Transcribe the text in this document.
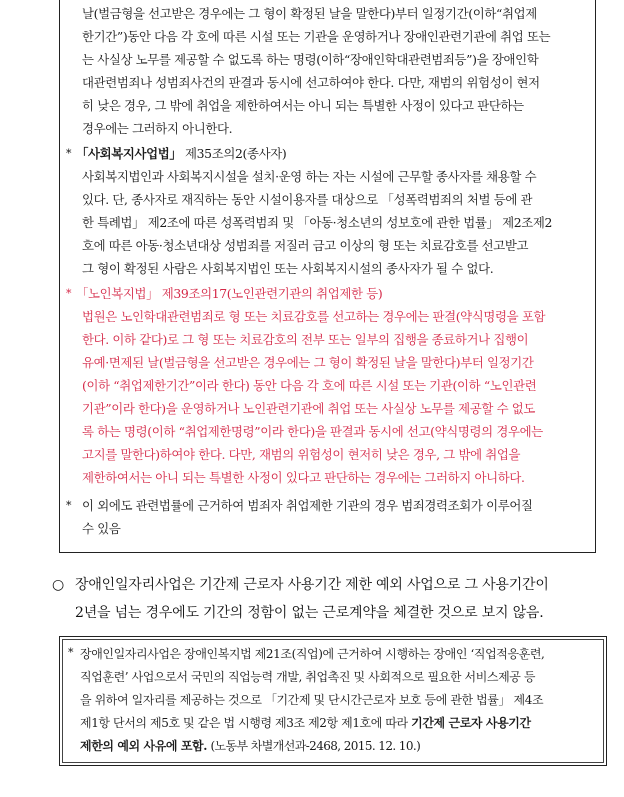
날(벌금형을 선고받은 경우에는 그 형이 확정된 날을 말한다)부터 일정기간(이하“취업제
한기간”)동안 다음 각 호에 따른 시설 또는 기관을 운영하거나 장애인관련기관에 취업 또는
는 사실상 노무를 제공할 수 없도록 하는 명령(이하“장애인학대관련범죄등”)을 장애인학
대관련범죄나 성범죄사건의 판결과 동시에 선고하여야 한다. 다만, 재범의 위험성이 현저
히 낮은 경우, 그 밖에 취업을 제한하여서는 아니 되는 특별한 사정이 있다고 판단하는
경우에는 그러하지 아니한다.
* 「사회복지사업법」 제35조의2(종사자)
사회복지법인과 사회복지시설을 설치·운영 하는 자는 시설에 근무할 종사자를 채용할 수
있다. 단, 종사자로 재직하는 동안 시설이용자를 대상으로 「성폭력범죄의 처벌 등에 관
한 특례법」 제2조에 따른 성폭력범죄 및 「아동·청소년의 성보호에 관한 법률」 제2조제2
호에 따른 아동·청소년대상 성범죄를 저질러 금고 이상의 형 또는 치료감호를 선고받고
그 형이 확정된 사람은 사회복지법인 또는 사회복지시설의 종사자가 될 수 없다.
* 「노인복지법」 제39조의17(노인관련기관의 취업제한 등)
법원은 노인학대관련범죄로 형 또는 치료감호를 선고하는 경우에는 판결(약식명령을 포함
한다. 이하 같다)로 그 형 또는 치료감호의 전부 또는 일부의 집행을 종료하거나 집행이
유예·면제된 날(벌금형을 선고받은 경우에는 그 형이 확정된 날을 말한다)부터 일정기간
(이하 “취업제한기간”이라 한다) 동안 다음 각 호에 따른 시설 또는 기관(이하 “노인관련
기관”이라 한다)을 운영하거나 노인관련기관에 취업 또는 사실상 노무를 제공할 수 없도
록 하는 명령(이하 “취업제한명령”이라 한다)을 판결과 동시에 선고(약식명령의 경우에는
고지를 말한다)하여야 한다. 다만, 재범의 위험성이 현저히 낮은 경우, 그 밖에 취업을
제한하여서는 아니 되는 특별한 사정이 있다고 판단하는 경우에는 그러하지 아니하다.
* 이 외에도 관련법률에 근거하여 범죄자 취업제한 기관의 경우 범죄경력조회가 이루어질
수 있음
○ 장애인일자리사업은 기간제 근로자 사용기간 제한 예외 사업으로 그 사용기간이
2년을 넘는 경우에도 기간의 정함이 없는 근로계약을 체결한 것으로 보지 않음.
* 장애인일자리사업은 장애인복지법 제21조(직업)에 근거하여 시행하는 장애인 ‘직업적응훈련,
직업훈련’ 사업으로서 국민의 직업능력 개발, 취업촉진 및 사회적으로 필요한 서비스제공 등
을 위하여 일자리를 제공하는 것으로 「기간제 및 단시간근로자 보호 등에 관한 법률」 제4조
제1항 단서의 제5호 및 같은 법 시행령 제3조 제2항 제1호에 따라 기간제 근로자 사용기간
제한의 예외 사유에 포함. (노동부 차별개선과-2468, 2015. 12. 10.)
